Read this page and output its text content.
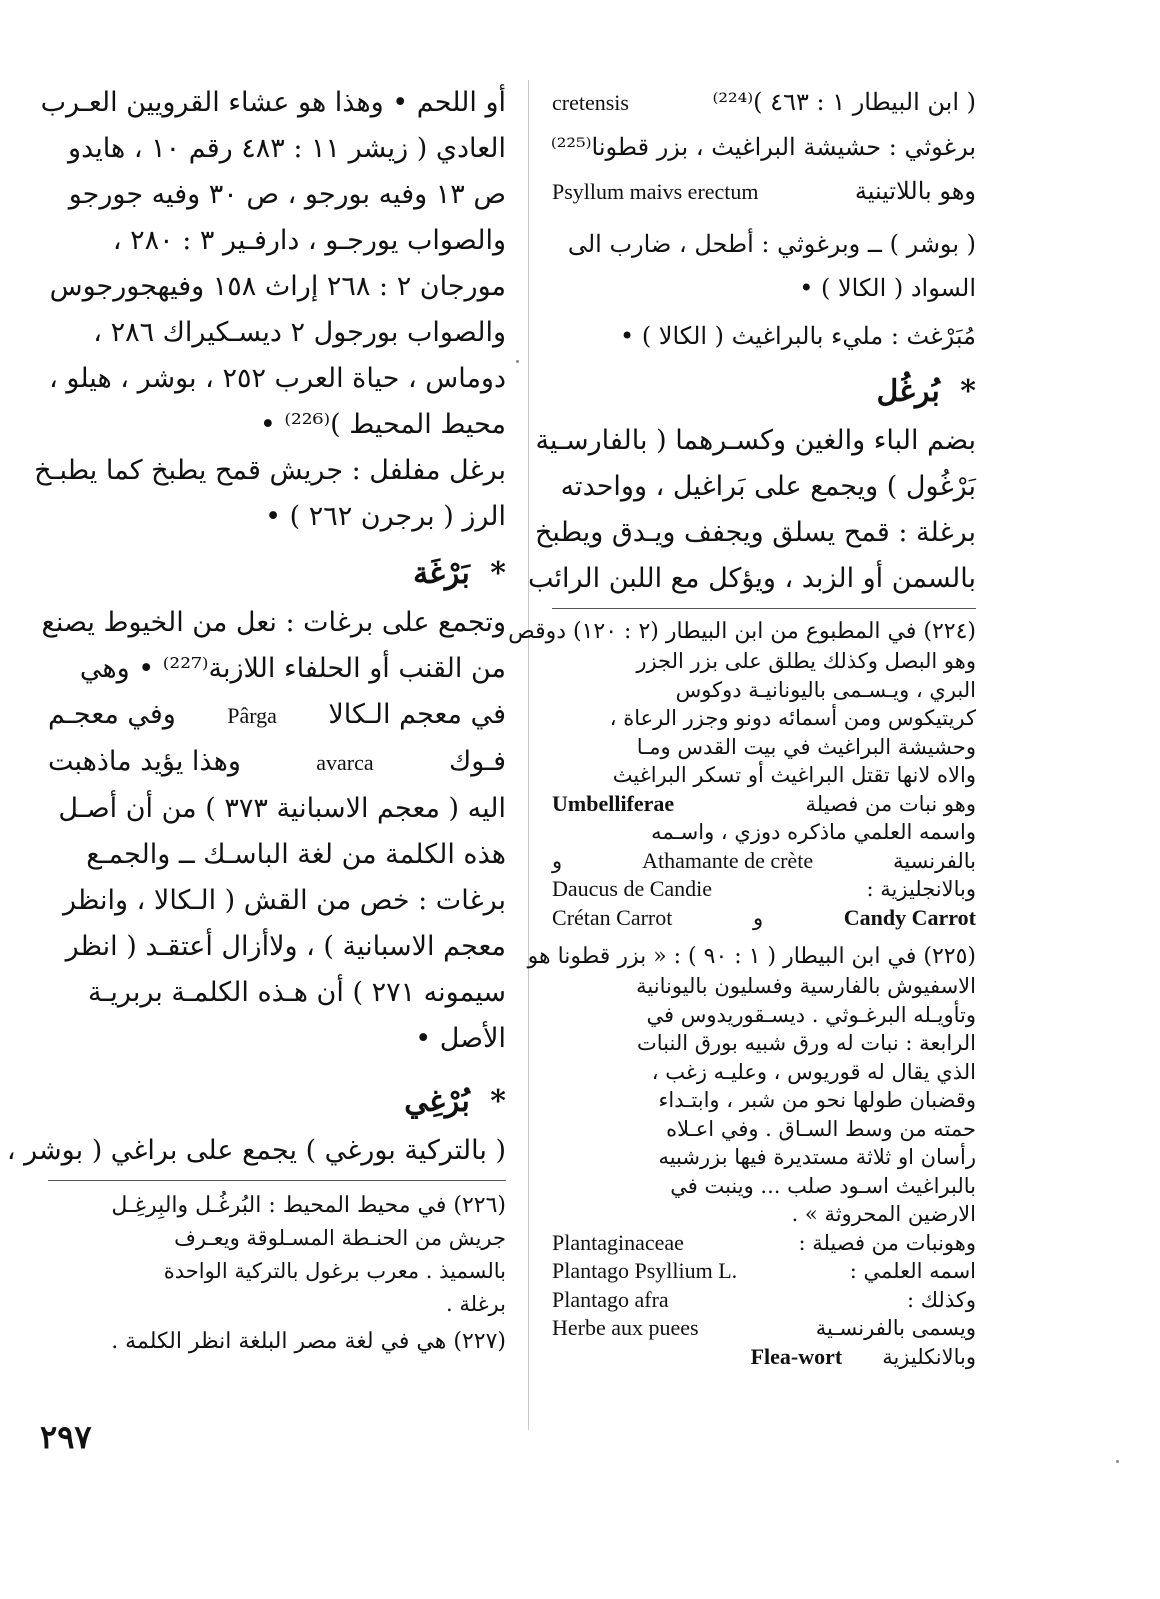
( ابن البيطار ١ : ٤٦٣ )⁽²²⁴⁾
cretensis
برغوثي : حشيشة البراغيث ، بزر قطونا⁽²²⁵⁾
وهو باللاتينية
Psyllum maivs erectum
( بوشر ) ــ وبرغوثي : أطحل ، ضارب الى
السواد ( الكالا ) •
مُبَرْغث : مليء بالبراغيث ( الكالا ) •
* بُرغُل
بضم الباء والغين وكسـرهما ( بالفارسـية
بَرْغُول ) ويجمع على بَراغيل ، وواحدته
برغلة : قمح يسلق ويجفف ويـدق ويطبخ
بالسمن أو الزبد ، ويؤكل مع اللبن الرائب
(٢٢٤) في المطبوع من ابن البيطار (٢ : ١٢٠) دوقص
وهو البصل وكذلك يطلق على بزر الجزر
البري ، ويـسـمى باليونانيـة دوكوس
كريتيكوس ومن أسمائه دونو وجزر الرعاة ،
وحشيشة البراغيث في بيت القدس ومـا
والاه لانها تقتل البراغيث أو تسكر البراغيث
وهو نبات من فصيلة
Umbelliferae
واسمه العلمي ماذكره دوزي ، واسـمه
بالفرنسية
Athamante de crète
و
وبالانجليزية :
Daucus de Candie
Candy Carrot
و
Crétan Carrot
(٢٢٥) في ابن البيطار ( ١ : ٩٠ ) : « بزر قطونا هو
الاسفيوش بالفارسية وفسليون باليونانية
وتأويـله البرغـوثي . ديسـقوريدوس في
الرابعة : نبات له ورق شبيه بورق النبات
الذي يقال له قوريوس ، وعليـه زغب ،
وقضبان طولها نحو من شبر ، وابتـداء
حمته من وسط السـاق . وفي اعـلاه
رأسان او ثلاثة مستديرة فيها بزرشبيه
بالبراغيث اسـود صلب ... وينبت في
الارضين المحروثة » .
وهونبات من فصيلة :
Plantaginaceae
اسمه العلمي :
Plantago Psyllium L.
وكذلك :
Plantago afra
ويسمى بالفرنسـية
Herbe aux puees
وبالانكليزية
Flea-wort
أو اللحم • وهذا هو عشاء القرويين العـرب
العادي ( زيشر ١١ : ٤٨٣ رقم ١٠ ، هايدو
ص ١٣ وفيه بورجو ، ص ٣٠ وفيه جورجو
والصواب يورجـو ، دارفـير ٣ : ٢٨٠ ،
مورجان ٢ : ٢٦٨ إراث ١٥٨ وفيهجورجوس
والصواب بورجول ٢ ديسـكيراك ٢٨٦ ،
دوماس ، حياة العرب ٢٥٢ ، بوشر ، هيلو ،
محيط المحيط )⁽²²⁶⁾ •
برغل مفلفل : جريش قمح يطبخ كما يطبـخ
الرز ( برجرن ٢٦٢ ) •
* بَرْغَة
وتجمع على برغات : نعل من الخيوط يصنع
من القنب أو الحلفاء اللازبة⁽²²⁷⁾ • وهي
في معجم الـكالا
Pârga
وفي معجـم
فـوك
avarca
وهذا يؤيد ماذهبت
اليه ( معجم الاسبانية ٣٧٣ ) من أن أصـل
هذه الكلمة من لغة الباسـك ــ والجمـع
برغات : خص من القش ( الـكالا ، وانظر
معجم الاسبانية ) ، ولاأزال أعتقـد ( انظر
سيمونه ٢٧١ ) أن هـذه الكلمـة بربريـة
الأصل •
* بُرْغِي
( بالتركية بورغي ) يجمع على براغي ( بوشر ،
(٢٢٦) في محيط المحيط : البُرغُـل والبِرغِـل
جريش من الحنـطة المسـلوقة ويعـرف
بالسميذ . معرب برغول بالتركية الواحدة
برغلة .
(٢٢٧) هي في لغة مصر البلغة انظر الكلمة .
٢٩٧
